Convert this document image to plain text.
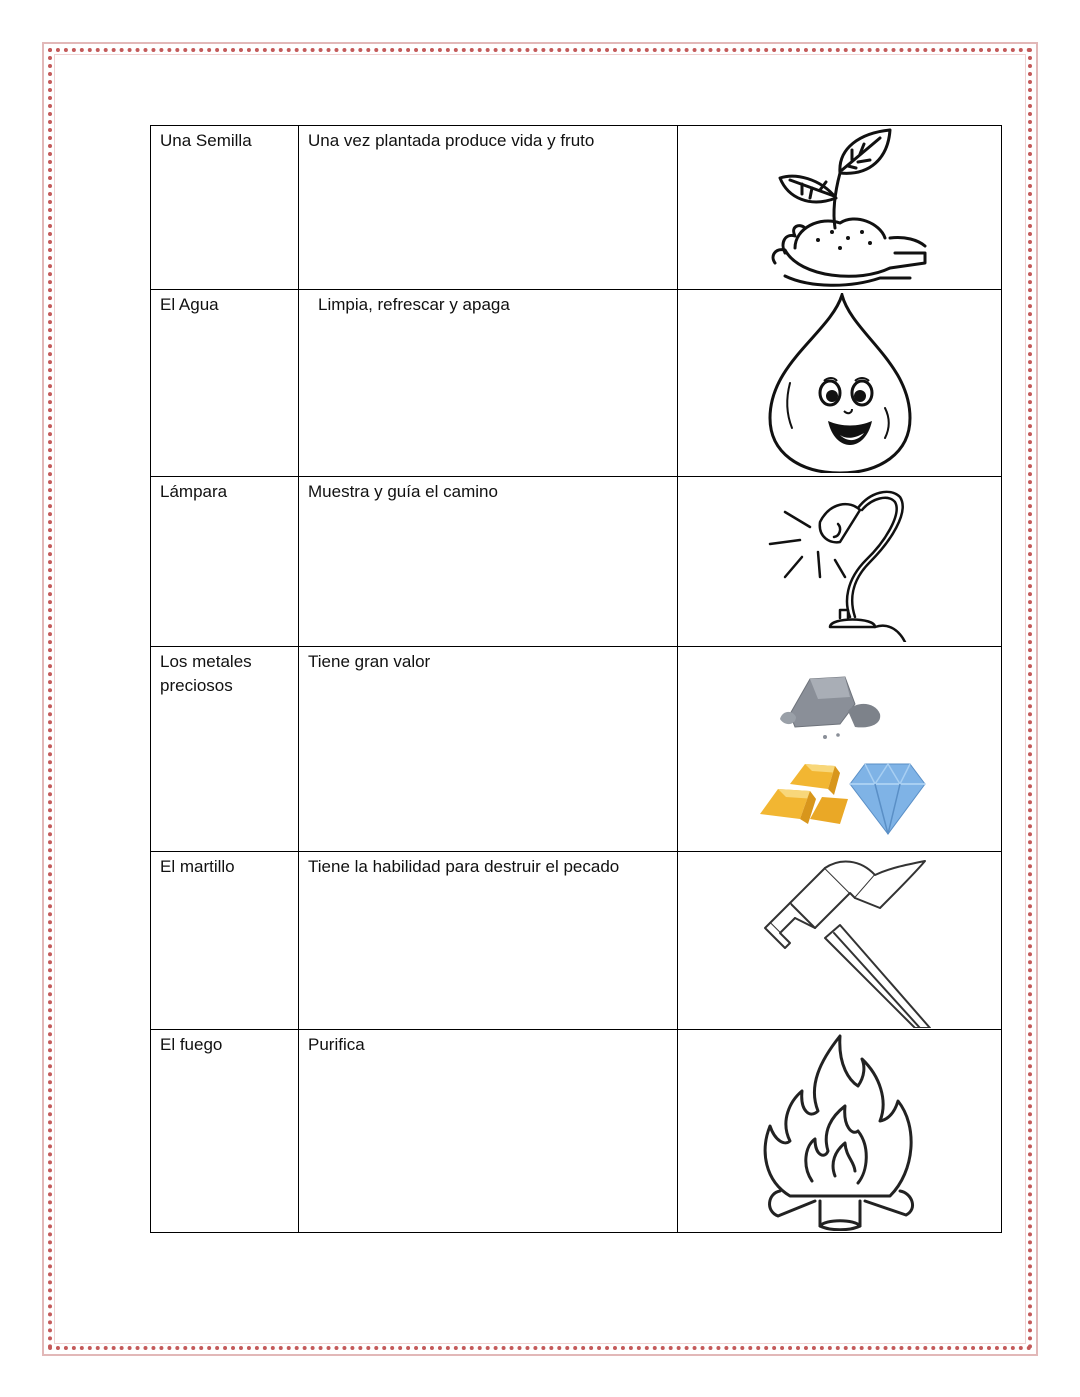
Una Semilla	Una vez plantada produce vida y fruto	

El Agua	Limpia, refrescar y apaga	

Lámpara	Muestra y guía el camino	

Los metales preciosos	Tiene gran valor	

El martillo	Tiene la habilidad para destruir el pecado	

El fuego	Purifica	
